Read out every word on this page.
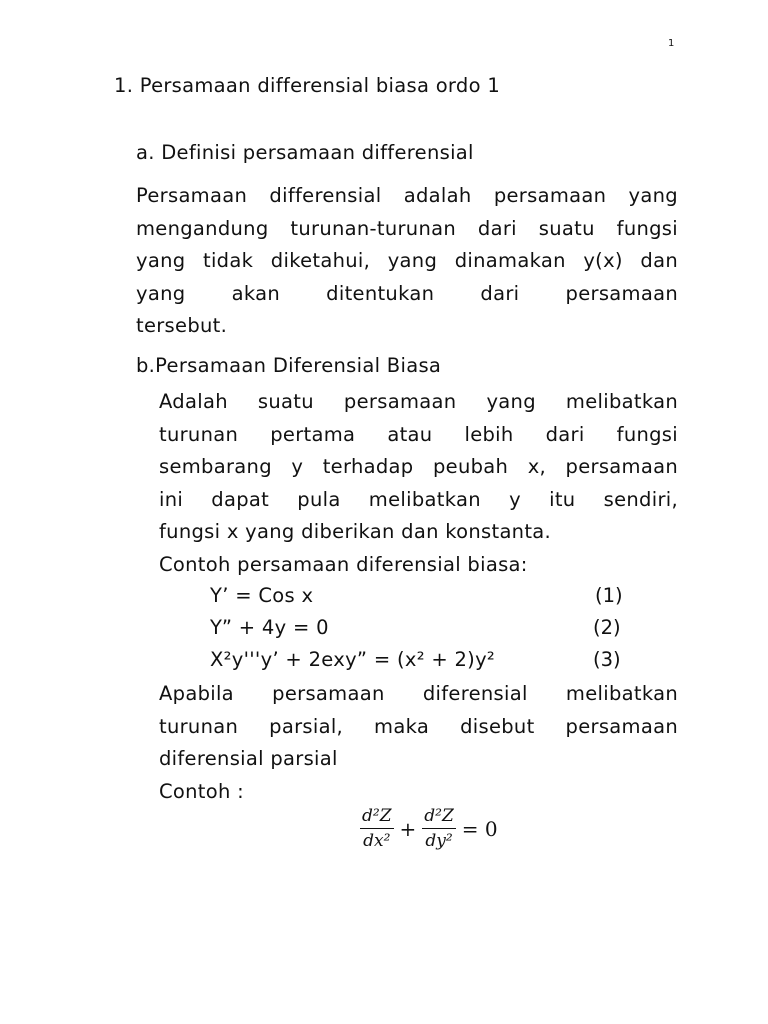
1
1. Persamaan differensial biasa ordo 1
a. Definisi persamaan differensial
Persamaan differensial adalah persamaan yang
mengandung turunan-turunan dari suatu fungsi
yang tidak diketahui, yang dinamakan y(x) dan
yang akan ditentukan dari persamaan
tersebut.
b.Persamaan Diferensial Biasa
Adalah suatu persamaan yang melibatkan
turunan pertama atau lebih dari fungsi
sembarang y terhadap peubah x, persamaan
ini dapat pula melibatkan y itu sendiri,
fungsi x yang diberikan dan konstanta.
Contoh persamaan diferensial biasa:
Y’ = Cos x	(1)
Y” + 4y = 0	(2)
X²y'''y’ + 2exy” = (x² + 2)y²	(3)
Apabila persamaan diferensial melibatkan
turunan parsial, maka disebut persamaan
diferensial parsial
Contoh :
$\frac{\text{d²Z}}{\text{dx²}} + \frac{\text{d²Z}}{\text{dy²}} = 0$
